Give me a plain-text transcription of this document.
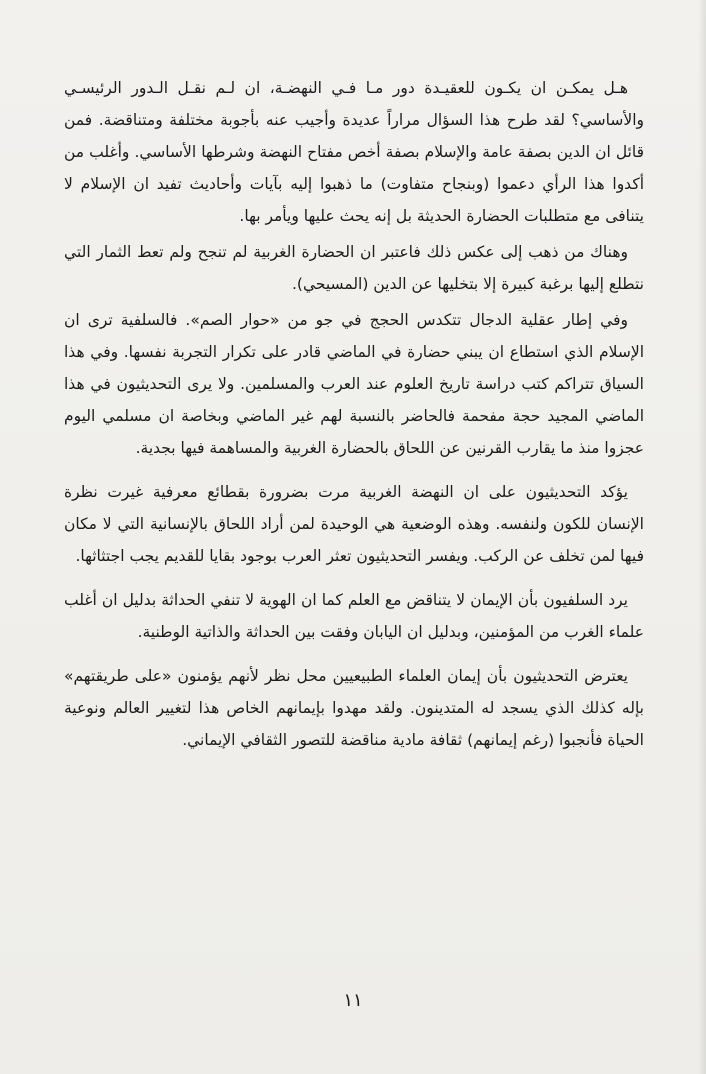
هـل يمكـن ان يكـون للعقيـدة دور مـا فـي النهضـة، ان لـم نقـل الـدور الرئيسـي والأساسي؟ لقد طرح هذا السؤال مراراً عديدة وأجيب عنه بأجوبة مختلفة ومتناقضة. فمن قائل ان الدين بصفة عامة والإسلام بصفة أخص مفتاح النهضة وشرطها الأساسي. وأغلب من أكدوا هذا الرأي دعموا (وبنجاح متفاوت) ما ذهبوا إليه بآيات وأحاديث تفيد ان الإسلام لا يتنافى مع متطلبات الحضارة الحديثة بل إنه يحث عليها ويأمر بها.

وهناك من ذهب إلى عكس ذلك فاعتبر ان الحضارة الغربية لم تنجح ولم تعط الثمار التي نتطلع إليها برغبة كبيرة إلا بتخليها عن الدين (المسيحي).

وفي إطار عقلية الدجال تتكدس الحجج في جو من «حوار الصم». فالسلفية ترى ان الإسلام الذي استطاع ان يبني حضارة في الماضي قادر على تكرار التجربة نفسها. وفي هذا السياق تتراكم كتب دراسة تاريخ العلوم عند العرب والمسلمين. ولا يرى التحديثيون في هذا الماضي المجيد حجة مفحمة فالحاضر بالنسبة لهم غير الماضي وبخاصة ان مسلمي اليوم عجزوا منذ ما يقارب القرنين عن اللحاق بالحضارة الغربية والمساهمة فيها بجدية.

يؤكد التحديثيون على ان النهضة الغربية مرت بضرورة بقطائع معرفية غيرت نظرة الإنسان للكون ولنفسه. وهذه الوضعية هي الوحيدة لمن أراد اللحاق بالإنسانية التي لا مكان فيها لمن تخلف عن الركب. ويفسر التحديثيون تعثر العرب بوجود بقايا للقديم يجب اجتثاثها.

يرد السلفيون بأن الإيمان لا يتناقض مع العلم كما ان الهوية لا تنفي الحداثة بدليل ان أغلب علماء الغرب من المؤمنين، وبدليل ان اليابان وفقت بين الحداثة والذاتية الوطنية.

يعترض التحديثيون بأن إيمان العلماء الطبيعيين محل نظر لأنهم يؤمنون «على طريقتهم» بإله كذلك الذي يسجد له المتدينون. ولقد مهدوا بإيمانهم الخاص هذا لتغيير العالم ونوعية الحياة فأنجبوا (رغم إيمانهم) ثقافة مادية مناقضة للتصور الثقافي الإيماني.

١١
